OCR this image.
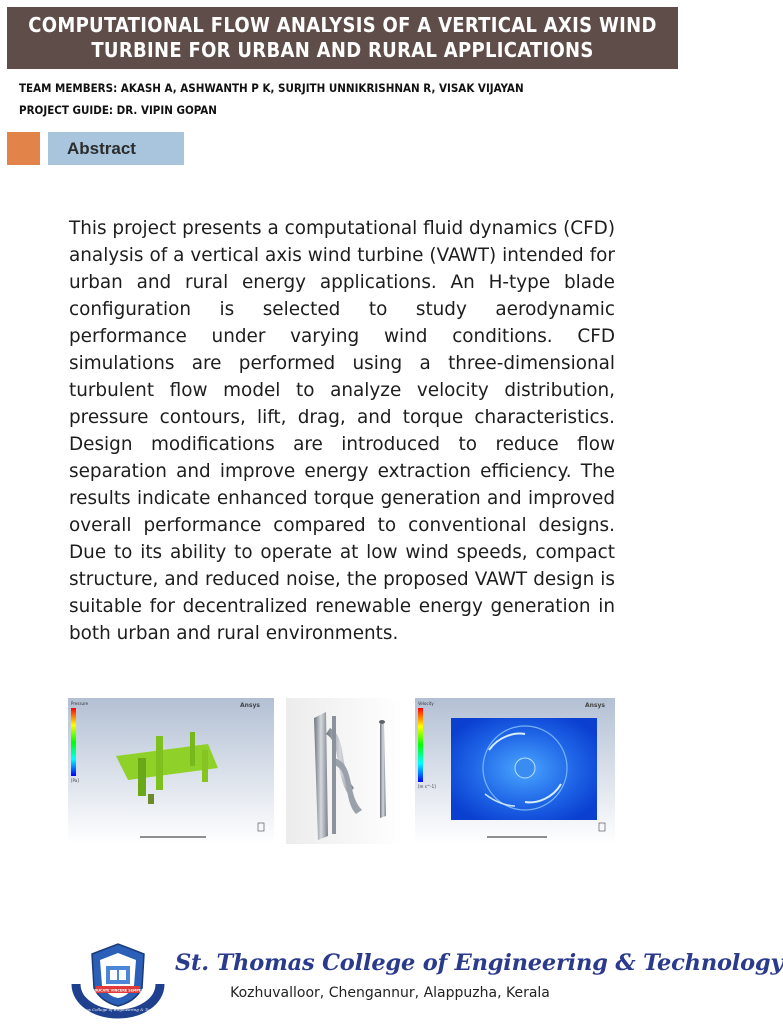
COMPUTATIONAL FLOW ANALYSIS OF A VERTICAL AXIS WIND
TURBINE FOR URBAN AND RURAL APPLICATIONS
TEAM MEMBERS: AKASH A, ASHWANTH P K, SURJITH UNNIKRISHNAN R, VISAK VIJAYAN
PROJECT GUIDE: DR. VIPIN GOPAN
Abstract

This project presents a computational fluid dynamics (CFD) analysis of a vertical axis wind turbine (VAWT) intended for urban and rural energy applications. An H-type blade configuration is selected to study aerodynamic performance under varying wind conditions. CFD simulations are performed using a three-dimensional turbulent flow model to analyze velocity distribution, pressure contours, lift, drag, and torque characteristics. Design modifications are introduced to reduce flow separation and improve energy extraction efficiency. The results indicate enhanced torque generation and improved overall performance compared to conventional designs. Due to its ability to operate at low wind speeds, compact structure, and reduced noise, the proposed VAWT design is suitable for decentralized renewable energy generation in both urban and rural environments.

Pressure
[Pa]
Ansys	Velocity
[m s^-1]
Ansys
EDUCATE VINCERE SEMPER
St. Thomas College of Engineering & Technology
St. Thomas College of Engineering & Technology
Kozhuvalloor, Chengannur, Alappuzha, Kerala
